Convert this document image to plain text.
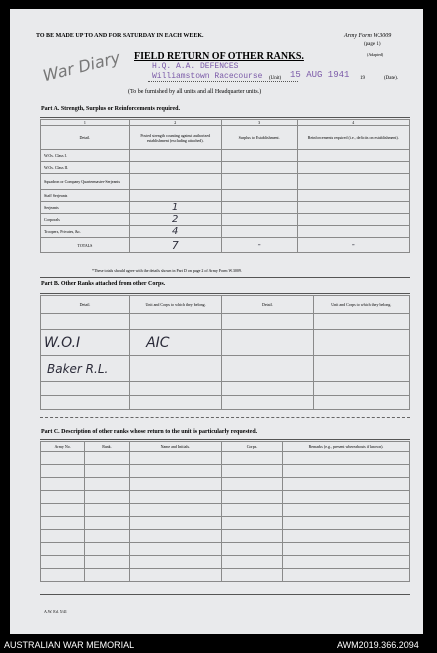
TO BE MADE UP TO AND FOR SATURDAY IN EACH WEEK.	Army Form W.3009
(page 1)
(Adapted)
War Diary FIELD RETURN OF OTHER RANKS.
H.Q. A.A. DEFENCES
Williamstown Racecourse (Unit) 15 AUG 1941 19	(Date).
(To be furnished by all units and all Headquarter units.)
Part A. Strength, Surplus or Reinforcements required.
1	2	3	4
Detail.	Posted strength counting against authorized establishment (excluding attached).	Surplus to Establishment.	Reinforcements required (i.e., deficits on establishment).
W.Os. Class I.			
W.Os. Class II.			
Squadron or Company Quartermaster-Serjeants			
Staff Serjeants			
Serjeants	1		
Corporals	2		
Troopers, Privates, &c.	4		
TOTALS	7	-	-
*These totals should agree with the details shown in Part D on page 2 of Army Form W.3009.
Part B. Other Ranks attached from other Corps.
Detail.	Unit and Corps to which they belong.	Detail.	Unit and Corps to which they belong.

W.O.I	AIC		
Baker R.L.			

Part C. Description of other ranks whose return to the unit is particularly requested.
Army No.	Rank.	Name and Initials.	Corps.	Remarks (e.g., present whereabouts if known).

A.W. Ed. 5/41
AUSTRALIAN WAR MEMORIAL	AWM2019.366.2094
